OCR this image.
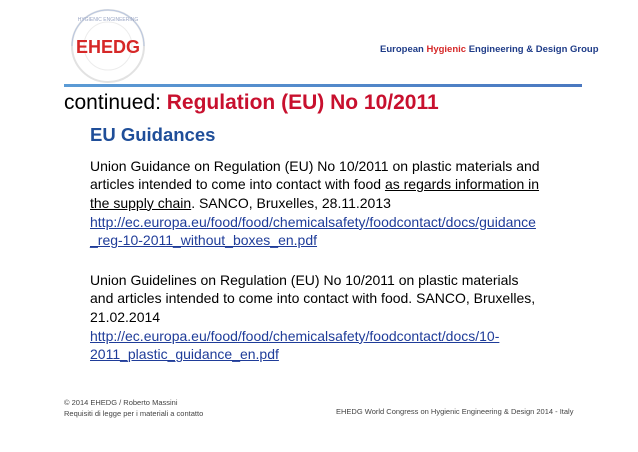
HYGIENIC ENGINEERING
EHEDG	European Hygienic Engineering & Design Group
continued: Regulation (EU) No 10/2011
EU Guidances
Union Guidance on Regulation (EU) No 10/2011 on plastic materials and
articles intended to come into contact with food as regards information in
the supply chain. SANCO, Bruxelles, 28.11.2013
http://ec.europa.eu/food/food/chemicalsafety/foodcontact/docs/guidance
_reg-10-2011_without_boxes_en.pdf
Union Guidelines on Regulation (EU) No 10/2011 on plastic materials
and articles intended to come into contact with food. SANCO, Bruxelles,
21.02.2014
http://ec.europa.eu/food/food/chemicalsafety/foodcontact/docs/10-
2011_plastic_guidance_en.pdf
© 2014 EHEDG / Roberto Massini
Requisiti di legge per i materiali a contatto	EHEDG World Congress on Hygienic Engineering & Design 2014 - Italy
